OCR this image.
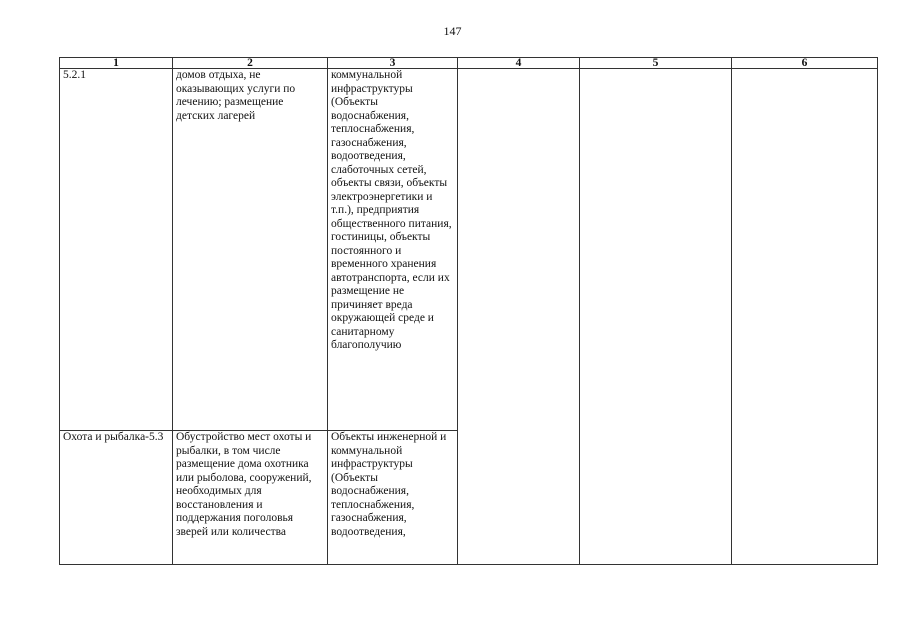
147
1	2	3	4	5	6

5.2.1	домов отдыха, не оказывающих услуги по лечению; размещение детских лагерей	коммунальной инфраструктуры (Объекты водоснабжения, теплоснабжения, газоснабжения, водоотведения, слаботочных сетей, объекты связи, объекты электроэнергетики и т.п.), предприятия общественного питания, гостиницы, объекты постоянного и временного хранения автотранспорта, если их размещение не причиняет вреда окружающей среде и санитарному благополучию			

Охота и рыбалка-5.3	Обустройство мест охоты и рыбалки, в том числе размещение дома охотника или рыболова, сооружений, необходимых для восстановления и поддержания поголовья зверей или количества	Объекты инженерной и коммунальной инфраструктуры (Объекты водоснабжения, теплоснабжения, газоснабжения, водоотведения,			
